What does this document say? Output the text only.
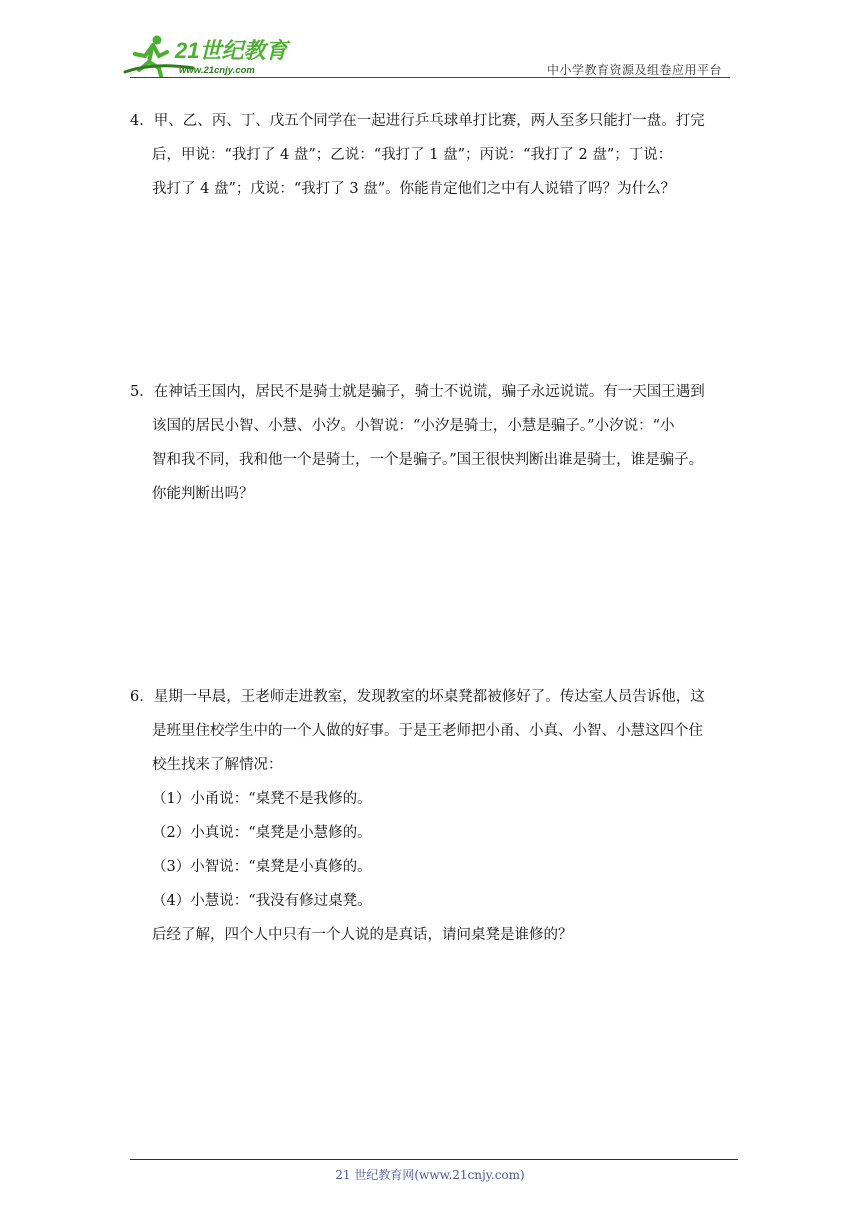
21世纪教育
www.21cnjy.com	中小学教育资源及组卷应用平台
4．甲、乙、丙、丁、戊五个同学在一起进行乒乓球单打比赛，两人至多只能打一盘。打完
后，甲说：“我打了 4 盘”；乙说：“我打了 1 盘”；丙说：“我打了 2 盘”；丁说：
我打了 4 盘”；戊说：“我打了 3 盘”。你能肯定他们之中有人说错了吗？为什么？
5．在神话王国内，居民不是骑士就是骗子，骑士不说谎，骗子永远说谎。有一天国王遇到
该国的居民小智、小慧、小汐。小智说：“小汐是骑士，小慧是骗子。”小汐说：“小
智和我不同，我和他一个是骑士，一个是骗子。”国王很快判断出谁是骑士，谁是骗子。
你能判断出吗？
6．星期一早晨，王老师走进教室，发现教室的坏桌凳都被修好了。传达室人员告诉他，这
是班里住校学生中的一个人做的好事。于是王老师把小甬、小真、小智、小慧这四个住
校生找来了解情况：
（1）小甬说：“桌凳不是我修的。
（2）小真说：“桌凳是小慧修的。
（3）小智说：“桌凳是小真修的。
（4）小慧说：“我没有修过桌凳。
后经了解，四个人中只有一个人说的是真话，请问桌凳是谁修的？
21 世纪教育网(www.21cnjy.com)
